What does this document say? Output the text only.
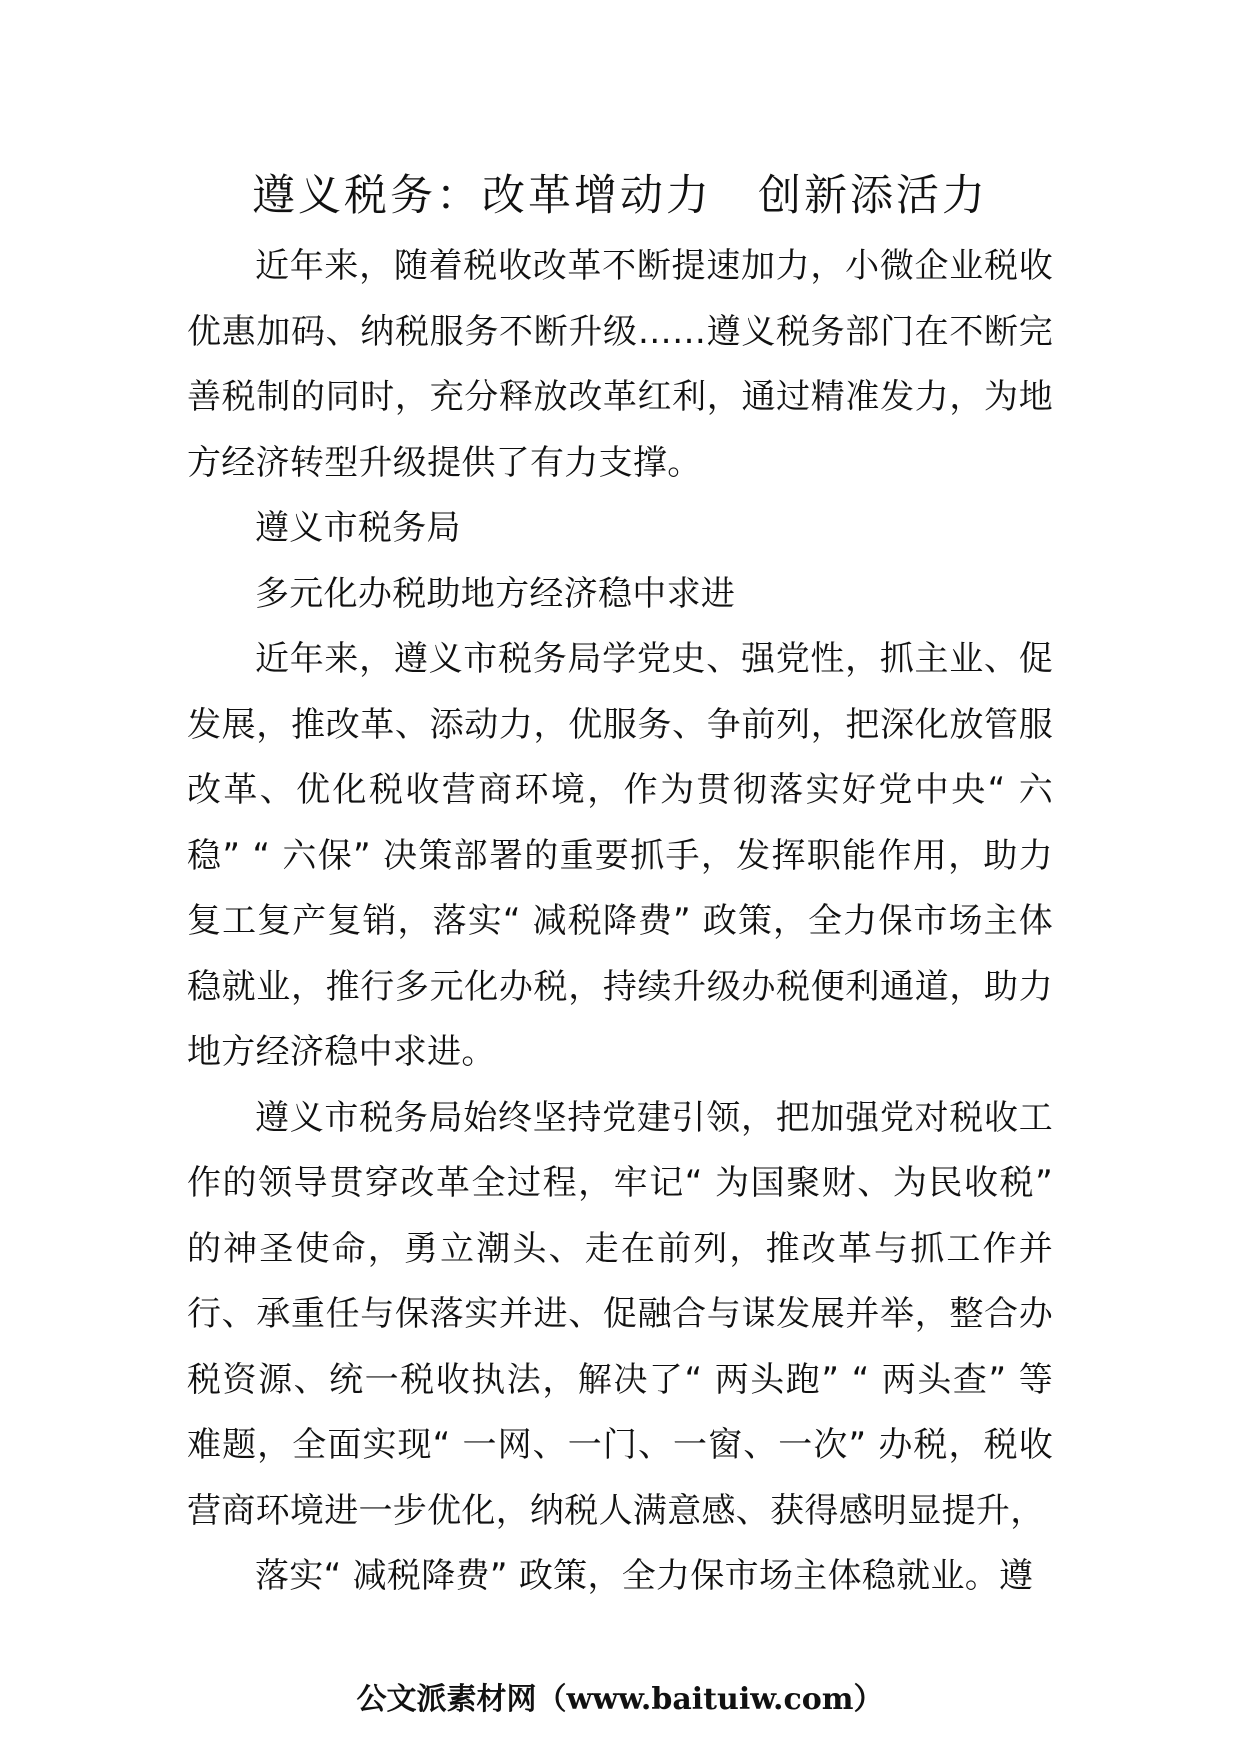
遵义税务：改革增动力　创新添活力

近年来，随着税收改革不断提速加力，小微企业税收优惠加码、纳税服务不断升级……遵义税务部门在不断完善税制的同时，充分释放改革红利，通过精准发力，为地方经济转型升级提供了有力支撑。

遵义市税务局

多元化办税助地方经济稳中求进

近年来，遵义市税务局学党史、强党性，抓主业、促发展，推改革、添动力，优服务、争前列，把深化放管服改革、优化税收营商环境，作为贯彻落实好党中央“ 六稳” “ 六保” 决策部署的重要抓手，发挥职能作用，助力复工复产复销，落实“ 减税降费” 政策，全力保市场主体稳就业，推行多元化办税，持续升级办税便利通道，助力地方经济稳中求进。

遵义市税务局始终坚持党建引领，把加强党对税收工作的领导贯穿改革全过程，牢记“ 为国聚财、为民收税” 的神圣使命，勇立潮头、走在前列，推改革与抓工作并行、承重任与保落实并进、促融合与谋发展并举，整合办税资源、统一税收执法，解决了“ 两头跑” “ 两头查” 等难题，全面实现“ 一网、一门、一窗、一次” 办税，税收营商环境进一步优化，纳税人满意感、获得感明显提升，

落实“ 减税降费” 政策，全力保市场主体稳就业。遵

公文派素材网（www.baituiw.com）
